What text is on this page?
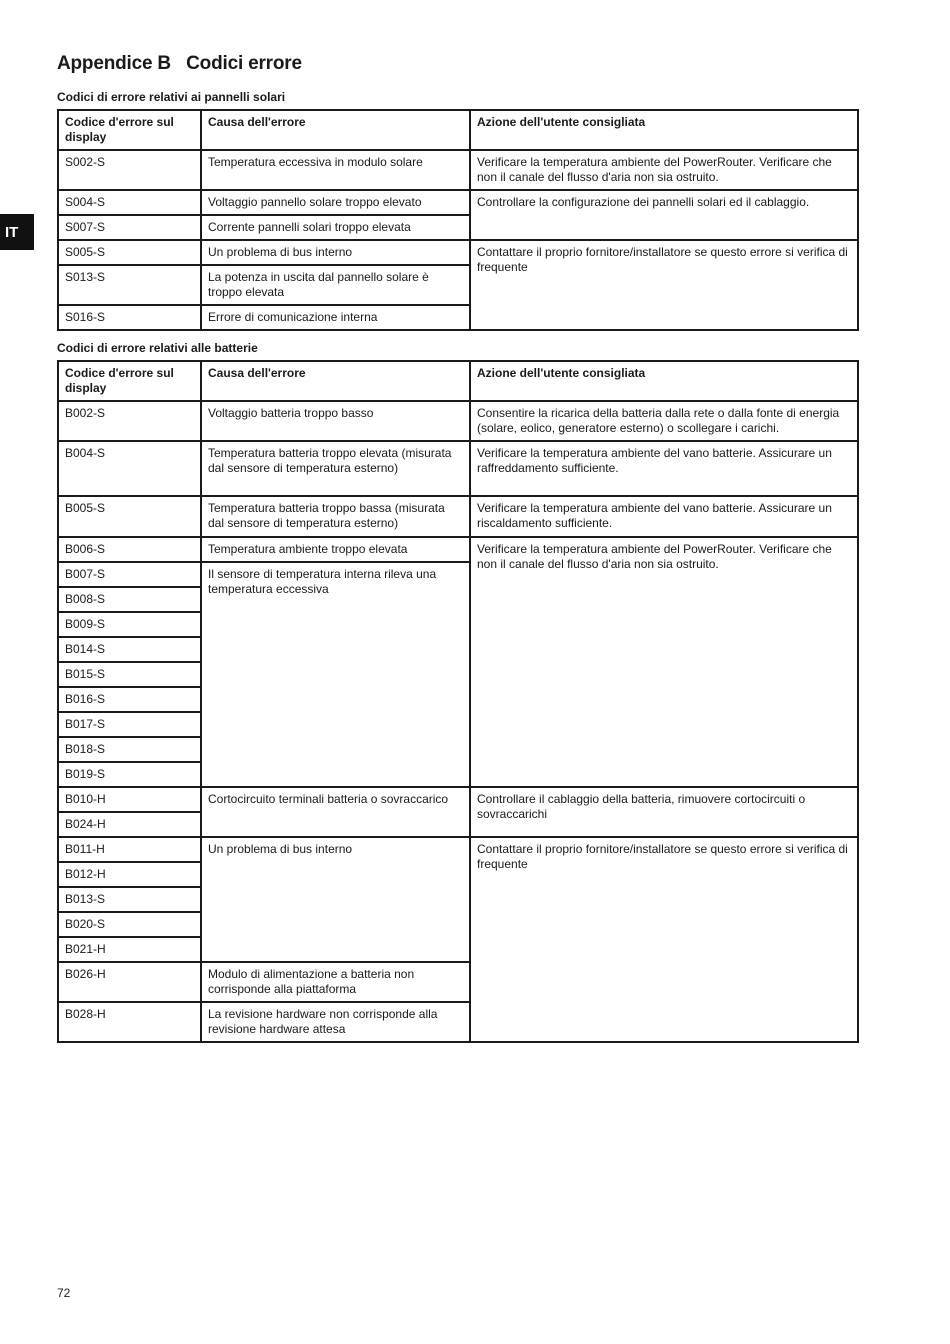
IT
Appendice B   Codici errore
Codici di errore relativi ai pannelli solari
Codice d'errore sul display	Causa dell'errore	Azione dell'utente consigliata
S002-S	Temperatura eccessiva in modulo solare	Verificare la temperatura ambiente del PowerRouter. Verificare che non il canale del flusso d'aria non sia ostruito.
S004-S	Voltaggio pannello solare troppo elevato	Controllare la configurazione dei pannelli solari ed il cablaggio.
S007-S	Corrente pannelli solari troppo elevata	
S005-S	Un problema di bus interno	Contattare il proprio fornitore/installatore se questo errore si verifica di frequente
S013-S	La potenza in uscita dal pannello solare è troppo elevata	
S016-S	Errore di comunicazione interna	
Codici di errore relativi alle batterie
Codice d'errore sul display	Causa dell'errore	Azione dell'utente consigliata
B002-S	Voltaggio batteria troppo basso	Consentire la ricarica della batteria dalla rete o dalla fonte di energia (solare, eolico, generatore esterno) o scollegare i carichi.
B004-S	Temperatura batteria troppo elevata (misurata dal sensore di temperatura esterno)	Verificare la temperatura ambiente del vano batterie. Assicurare un raffreddamento sufficiente.
B005-S	Temperatura batteria troppo bassa (misurata dal sensore di temperatura esterno)	Verificare la temperatura ambiente del vano batterie. Assicurare un riscaldamento sufficiente.
B006-S	Temperatura ambiente troppo elevata	Verificare la temperatura ambiente del PowerRouter. Verificare che non il canale del flusso d'aria non sia ostruito.
B007-S	Il sensore di temperatura interna rileva una temperatura eccessiva	
B008-S		
B009-S		
B014-S		
B015-S		
B016-S		
B017-S		
B018-S		
B019-S		
B010-H	Cortocircuito terminali batteria o sovraccarico	Controllare il cablaggio della batteria, rimuovere cortocircuiti o sovraccarichi
B024-H		
B011-H	Un problema di bus interno	Contattare il proprio fornitore/installatore se questo errore si verifica di frequente
B012-H		
B013-S		
B020-S		
B021-H		
B026-H	Modulo di alimentazione a batteria non corrisponde alla piattaforma	
B028-H	La revisione hardware non corrisponde alla revisione hardware attesa	
72
